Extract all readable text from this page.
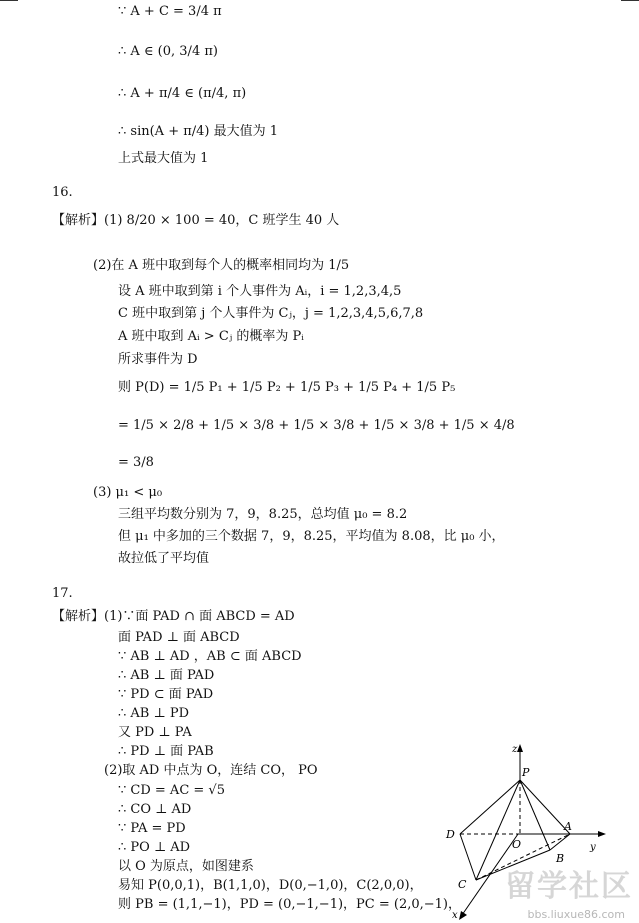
∵ A + C = 3/4 π
∴ A ∈ (0, 3/4 π)
∴ A + π/4 ∈ (π/4, π)
∴ sin(A + π/4) 最大值为 1
上式最大值为 1
16.
【解析】(1) 8/20 × 100 = 40，C 班学生 40 人
(2)在 A 班中取到每个人的概率相同均为 1/5
设 A 班中取到第 i 个人事件为 Aᵢ，i = 1,2,3,4,5
C 班中取到第 j 个人事件为 Cⱼ，j = 1,2,3,4,5,6,7,8
A 班中取到 Aᵢ > Cⱼ 的概率为 Pᵢ
所求事件为 D
则 P(D) = 1/5 P₁ + 1/5 P₂ + 1/5 P₃ + 1/5 P₄ + 1/5 P₅
= 1/5 × 2/8 + 1/5 × 3/8 + 1/5 × 3/8 + 1/5 × 3/8 + 1/5 × 4/8
= 3/8
(3) μ₁ < μ₀
三组平均数分别为 7，9，8.25，总均值 μ₀ = 8.2
但 μ₁ 中多加的三个数据 7，9，8.25，平均值为 8.08，比 μ₀ 小，
故拉低了平均值
17.
【解析】(1)∵面 PAD ∩ 面 ABCD = AD
面 PAD ⊥ 面 ABCD
∵ AB ⊥ AD ，AB ⊂ 面 ABCD
∴ AB ⊥ 面 PAD
∵ PD ⊂ 面 PAD
∴ AB ⊥ PD
又 PD ⊥ PA
∴ PD ⊥ 面 PAB
(2)取 AD 中点为 O，连结 CO， PO
∵ CD = AC = √5
∴ CO ⊥ AD
∵ PA = PD
∴ PO ⊥ AD
以 O 为原点，如图建系
易知 P(0,0,1)，B(1,1,0)，D(0,−1,0)，C(2,0,0)，
则 PB = (1,1,−1)，PD = (0,−1,−1)，PC = (2,0,−1)，
z
P
A
y
D
O
B
C
x
留学社区
bbs.liuxue86.com
